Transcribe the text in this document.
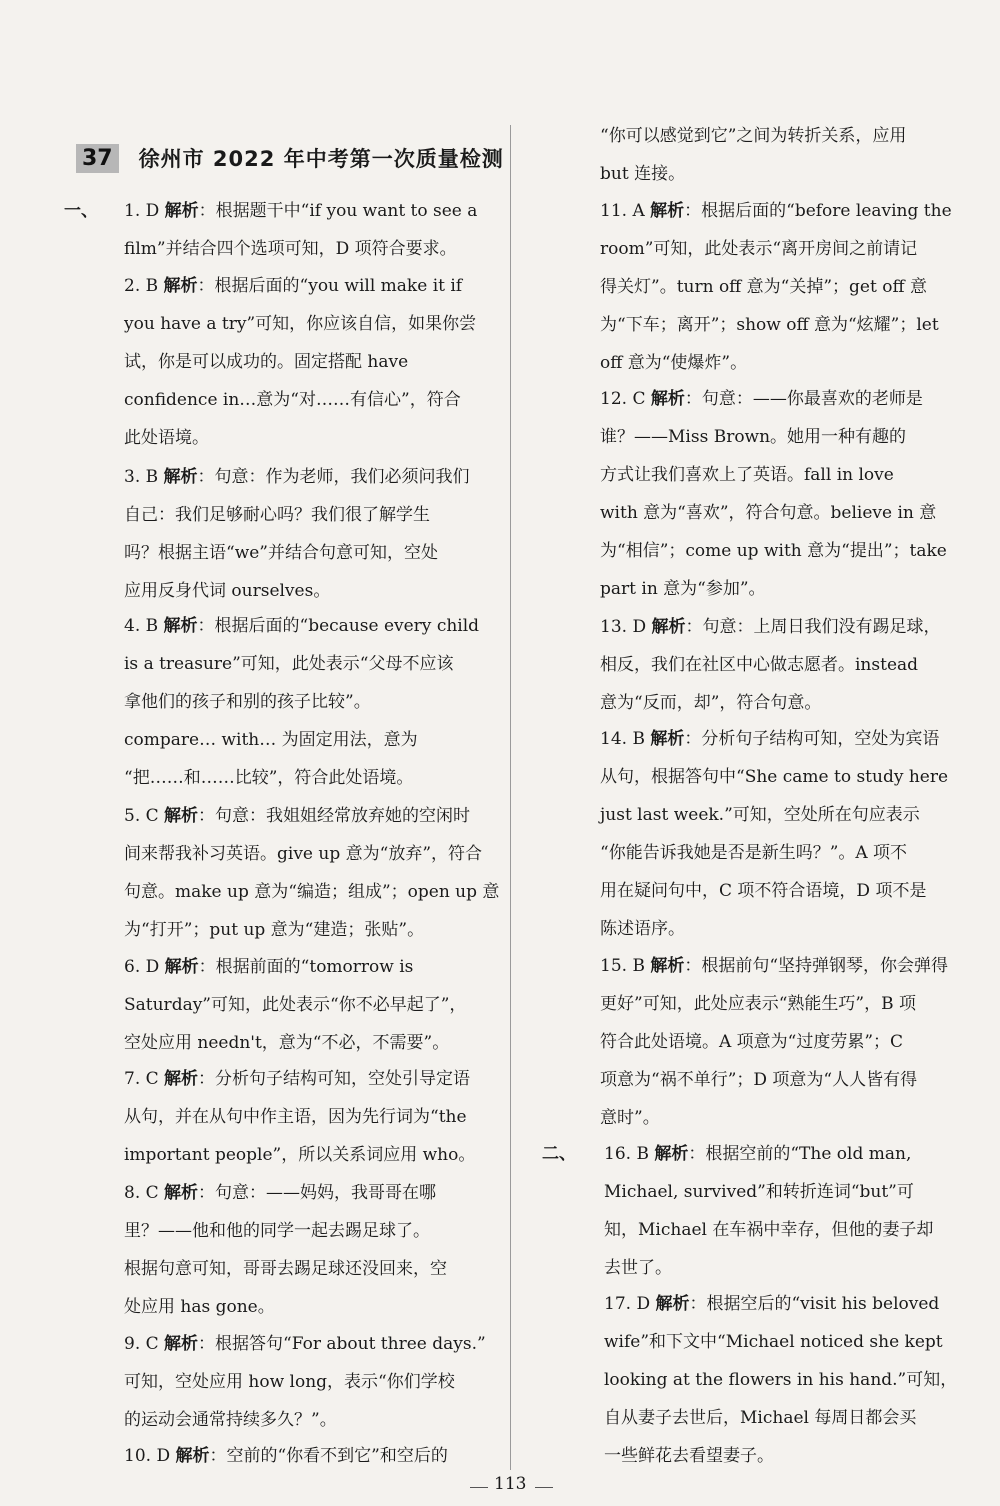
37 徐州市 2022 年中考第一次质量检测
1. D 解析：根据题干中“if you want to see a
film”并结合四个选项可知，D 项符合要求。
一、
2. B 解析：根据后面的“you will make it if
you have a try”可知，你应该自信，如果你尝
试，你是可以成功的。固定搭配 have
confidence in…意为“对……有信心”，符合
此处语境。
3. B 解析：句意：作为老师，我们必须问我们
自己：我们足够耐心吗？我们很了解学生
吗？根据主语“we”并结合句意可知，空处
应用反身代词 ourselves。
4. B 解析：根据后面的“because every child
is a treasure”可知，此处表示“父母不应该
拿他们的孩子和别的孩子比较”。
compare… with… 为固定用法，意为
“把……和……比较”，符合此处语境。
5. C 解析：句意：我姐姐经常放弃她的空闲时
间来帮我补习英语。give up 意为“放弃”，符合
句意。make up 意为“编造；组成”；open up 意
为“打开”；put up 意为“建造；张贴”。
6. D 解析：根据前面的“tomorrow is
Saturday”可知，此处表示“你不必早起了”，
空处应用 needn't，意为“不必，不需要”。
7. C 解析：分析句子结构可知，空处引导定语
从句，并在从句中作主语，因为先行词为“the
important people”，所以关系词应用 who。
8. C 解析：句意：——妈妈，我哥哥在哪
里？——他和他的同学一起去踢足球了。
根据句意可知，哥哥去踢足球还没回来，空
处应用 has gone。
9. C 解析：根据答句“For about three days.”
可知，空处应用 how long，表示“你们学校
的运动会通常持续多久？”。
10. D 解析：空前的“你看不到它”和空后的
“你可以感觉到它”之间为转折关系，应用
but 连接。
11. A 解析：根据后面的“before leaving the
room”可知，此处表示“离开房间之前请记
得关灯”。turn off 意为“关掉”；get off 意
为“下车；离开”；show off 意为“炫耀”；let
off 意为“使爆炸”。
12. C 解析：句意：——你最喜欢的老师是
谁？——Miss Brown。她用一种有趣的
方式让我们喜欢上了英语。fall in love
with 意为“喜欢”，符合句意。believe in 意
为“相信”；come up with 意为“提出”；take
part in 意为“参加”。
13. D 解析：句意：上周日我们没有踢足球，
相反，我们在社区中心做志愿者。instead
意为“反而，却”，符合句意。
14. B 解析：分析句子结构可知，空处为宾语
从句，根据答句中“She came to study here
just last week.”可知，空处所在句应表示
“你能告诉我她是否是新生吗？”。A 项不
用在疑问句中，C 项不符合语境，D 项不是
陈述语序。
15. B 解析：根据前句“坚持弹钢琴，你会弹得
更好”可知，此处应表示“熟能生巧”，B 项
符合此处语境。A 项意为“过度劳累”；C
项意为“祸不单行”；D 项意为“人人皆有得
意时”。
16. B 解析：根据空前的“The old man,
Michael, survived”和转折连词“but”可
知，Michael 在车祸中幸存，但他的妻子却
去世了。
二、
17. D 解析：根据空后的“visit his beloved
wife”和下文中“Michael noticed she kept
looking at the flowers in his hand.”可知，
自从妻子去世后，Michael 每周日都会买
一些鲜花去看望妻子。
113
